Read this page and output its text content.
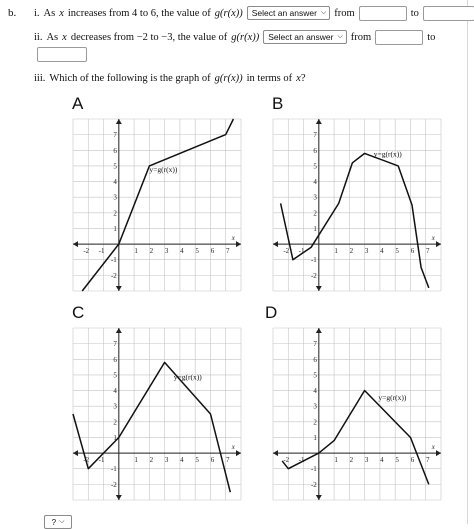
b. i. As x increases from 4 to 6, the value of g(r(x)) Select an answer ⌵ from	to
ii. As x decreases from −2 to −3, the value of g(r(x)) Select an answer ⌵ from	to
iii. Which of the following is the graph of g(r(x)) in terms of x ?
A	B
C	D
-2 -1	1 2 3 4 5 6 7
-2
-1
1
2
3
4
5
6
7
x
y=g(r(x))
-2 -1	1 2 3 4 5 6 7
-2
-1
1
2
3
4
5
6
7
x
y=g(r(x))
-2 -1	1 2 3 4 5 6 7
-2
-1
1
2
3
4
5
6
7
x
y=g(r(x))
-2 -1	1 2 3 4 5 6 7
-2
-1
1
2
3
4
5
6
7
x
y=g(r(x))
? ⌵
